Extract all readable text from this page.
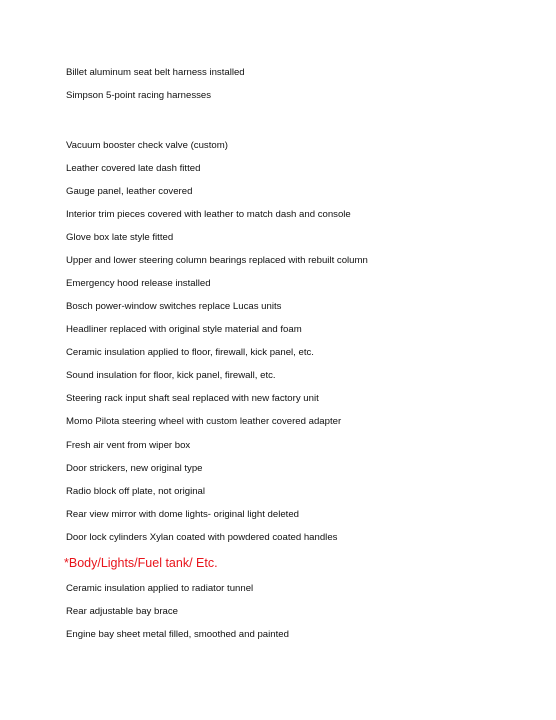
Billet aluminum seat belt harness installed
Simpson 5-point racing harnesses
Vacuum booster check valve (custom)
Leather covered late dash fitted
Gauge panel, leather covered
Interior trim pieces covered with leather to match dash and console
Glove box late style fitted
Upper and lower steering column bearings replaced with rebuilt column
Emergency hood release installed
Bosch power-window switches replace Lucas units
Headliner replaced with original style material and foam
Ceramic insulation applied to floor, firewall, kick panel, etc.
Sound insulation for floor, kick panel, firewall, etc.
Steering rack input shaft seal replaced with new factory unit
Momo Pilota steering wheel with custom leather covered adapter
Fresh air vent from wiper box
Door strickers, new original type
Radio block off plate, not original
Rear view mirror with dome lights- original light deleted
Door lock cylinders Xylan coated with powdered coated handles
*Body/Lights/Fuel tank/ Etc.
Ceramic insulation applied to radiator tunnel
Rear adjustable bay brace
Engine bay sheet metal filled, smoothed and painted
